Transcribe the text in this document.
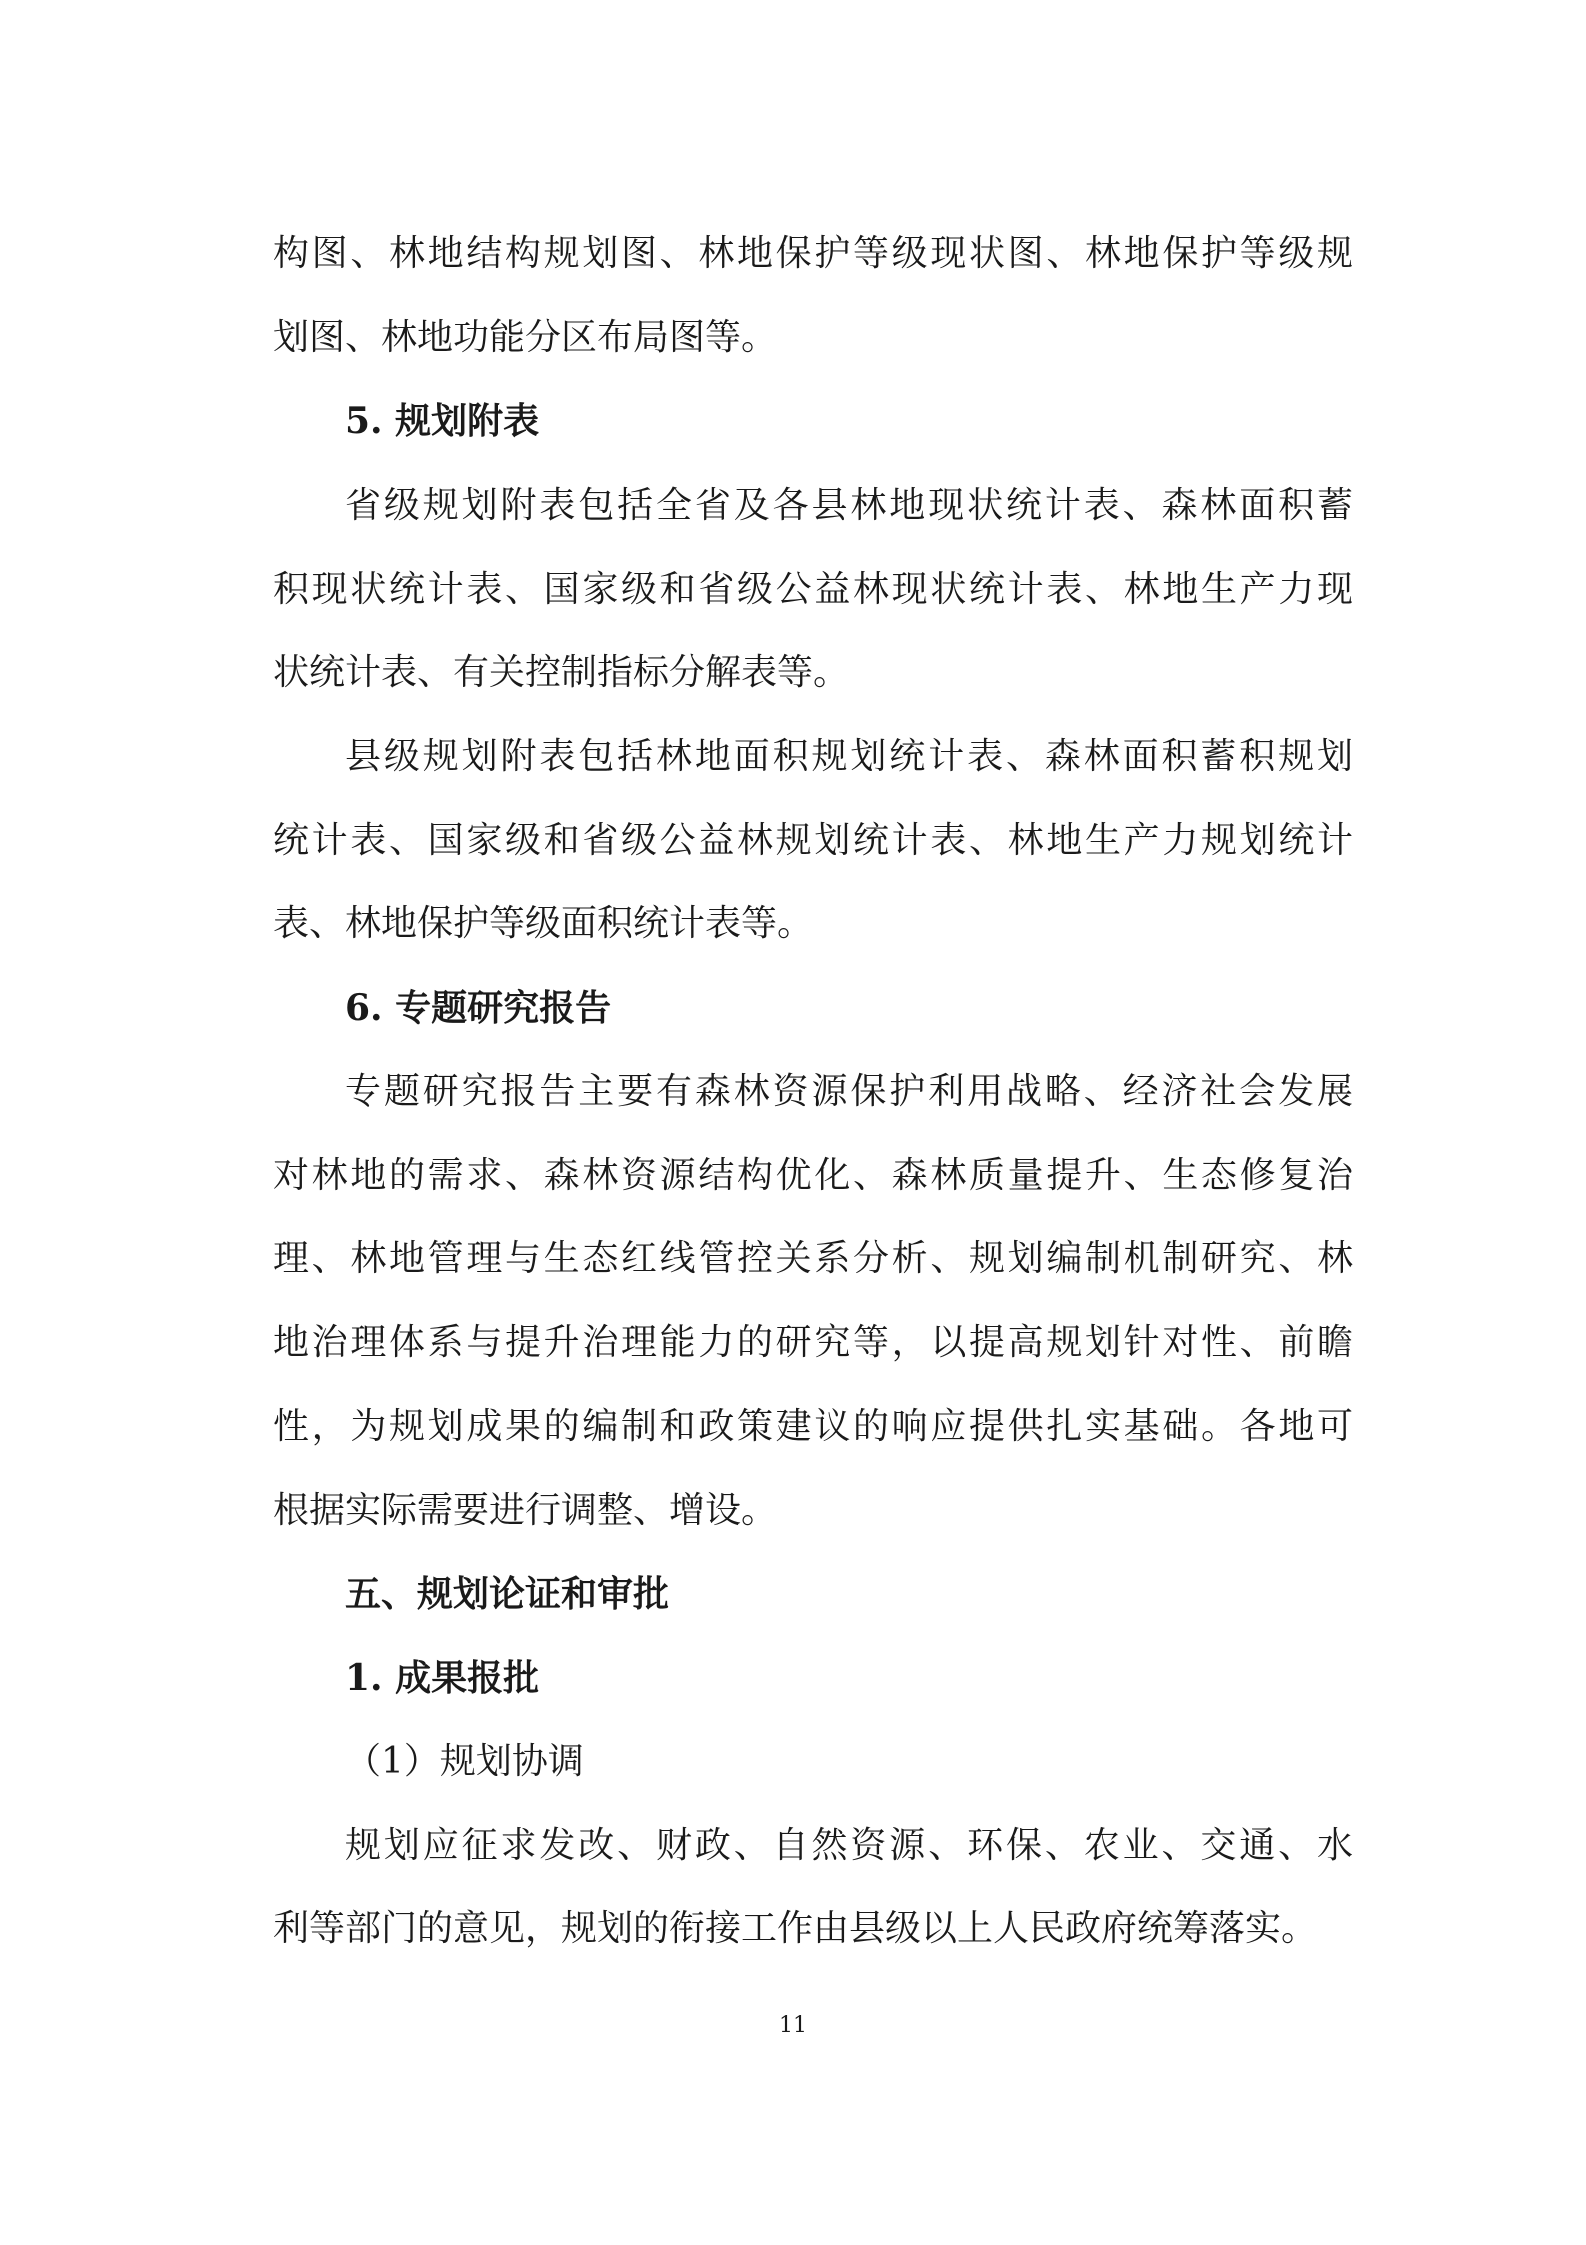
构图、林地结构规划图、林地保护等级现状图、林地保护等级规
划图、林地功能分区布局图等。
5. 规划附表
省级规划附表包括全省及各县林地现状统计表、森林面积蓄
积现状统计表、国家级和省级公益林现状统计表、林地生产力现
状统计表、有关控制指标分解表等。
县级规划附表包括林地面积规划统计表、森林面积蓄积规划
统计表、国家级和省级公益林规划统计表、林地生产力规划统计
表、林地保护等级面积统计表等。
6. 专题研究报告
专题研究报告主要有森林资源保护利用战略、经济社会发展
对林地的需求、森林资源结构优化、森林质量提升、生态修复治
理、林地管理与生态红线管控关系分析、规划编制机制研究、林
地治理体系与提升治理能力的研究等，以提高规划针对性、前瞻
性，为规划成果的编制和政策建议的响应提供扎实基础。各地可
根据实际需要进行调整、增设。
五、规划论证和审批
1. 成果报批
（1）规划协调
规划应征求发改、财政、自然资源、环保、农业、交通、水
利等部门的意见，规划的衔接工作由县级以上人民政府统筹落实。
11
